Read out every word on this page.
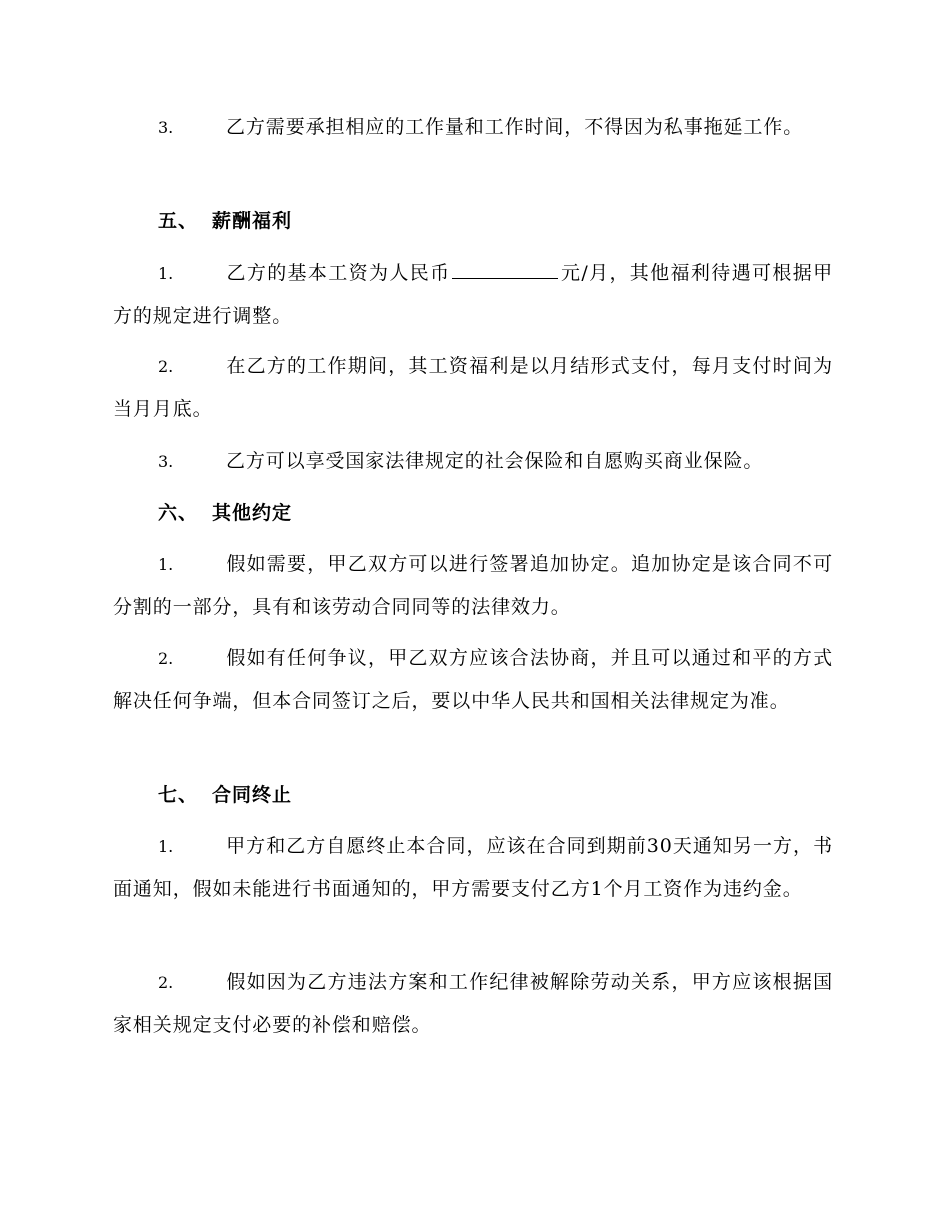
3.	乙方需要承担相应的工作量和工作时间，不得因为私事拖延工作。
五、 薪酬福利
1.	乙方的基本工资为人民币	元/月，其他福利待遇可根据甲方的规定进行调整。
2.	在乙方的工作期间，其工资福利是以月结形式支付，每月支付时间为当月月底。
3.	乙方可以享受国家法律规定的社会保险和自愿购买商业保险。
六、 其他约定
1.	假如需要，甲乙双方可以进行签署追加协定。追加协定是该合同不可分割的一部分，具有和该劳动合同同等的法律效力。
2.	假如有任何争议，甲乙双方应该合法协商，并且可以通过和平的方式解决任何争端，但本合同签订之后，要以中华人民共和国相关法律规定为准。
七、 合同终止
1.	甲方和乙方自愿终止本合同，应该在合同到期前30天通知另一方，书面通知，假如未能进行书面通知的，甲方需要支付乙方1个月工资作为违约金。
2.	假如因为乙方违法方案和工作纪律被解除劳动关系，甲方应该根据国家相关规定支付必要的补偿和赔偿。
